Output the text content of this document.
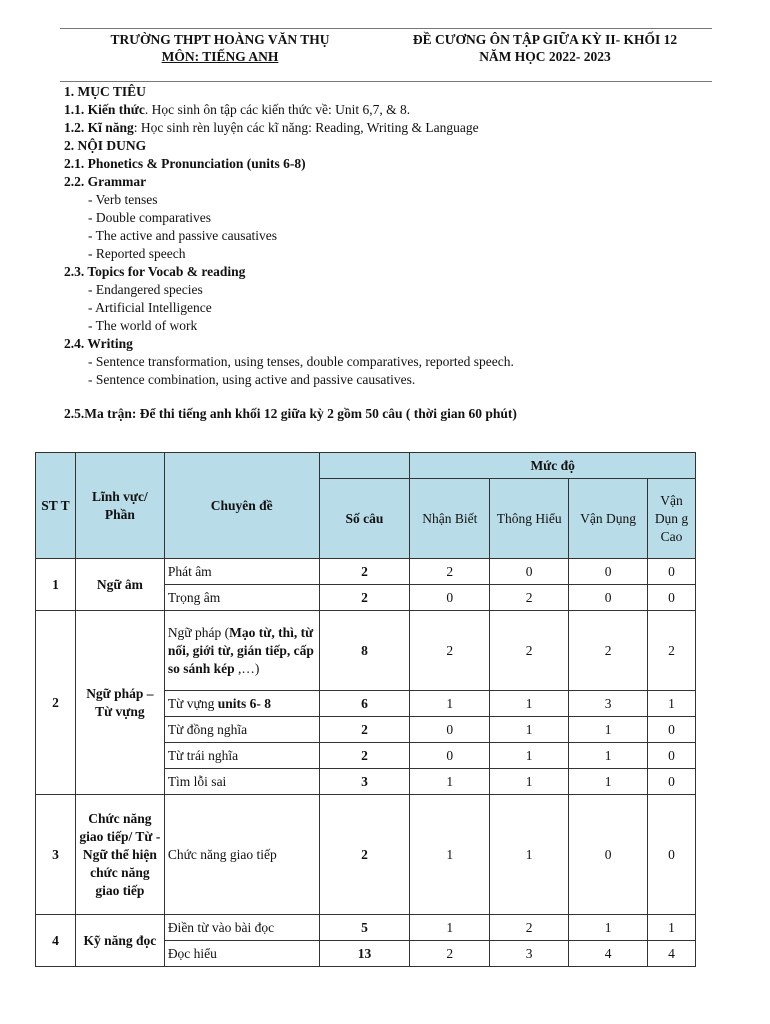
TRƯỜNG THPT HOÀNG VĂN THỤ
MÔN: TIẾNG ANH
ĐỀ CƯƠNG ÔN TẬP GIỮA KỲ II- KHỐI 12
NĂM HỌC 2022- 2023
1. MỤC TIÊU
1.1. Kiến thức. Học sinh ôn tập các kiến thức về: Unit 6,7, & 8.
1.2. Kĩ năng: Học sinh rèn luyện các kĩ năng: Reading, Writing & Language
2. NỘI DUNG
2.1. Phonetics & Pronunciation (units 6-8)
2.2. Grammar
- Verb tenses
- Double comparatives
- The active and passive causatives
- Reported speech
2.3. Topics for Vocab & reading
- Endangered species
- Artificial Intelligence
- The world of work
2.4. Writing
- Sentence transformation, using tenses, double comparatives, reported speech.
- Sentence combination, using active and passive causatives.
2.5.Ma trận: Để thi tiếng anh khối 12 giữa kỳ 2 gồm 50 câu ( thời gian 60 phút)
ST T	Lĩnh vực/ Phần	Chuyên đề		Mức độ			
			Số câu	Nhận Biết	Thông Hiểu	Vận Dụng	Vận Dụn g Cao
1	Ngữ âm	Phát âm	2	2	0	0	0
		Trọng âm	2	0	2	0	0
2	Ngữ pháp – Từ vựng	Ngữ pháp (Mạo từ, thì, từ nối, giới từ, gián tiếp, cấp so sánh kép ,…)	8	2	2	2	2
		Từ vựng units 6- 8	6	1	1	3	1
		Từ đồng nghĩa	2	0	1	1	0
		Từ trái nghĩa	2	0	1	1	0
		Tìm lỗi sai	3	1	1	1	0
3	Chức năng giao tiếp/ Từ - Ngữ thể hiện chức năng giao tiếp	Chức năng giao tiếp	2	1	1	0	0
4	Kỹ năng đọc	Điền từ vào bài đọc	5	1	2	1	1
		Đọc hiểu	13	2	3	4	4
